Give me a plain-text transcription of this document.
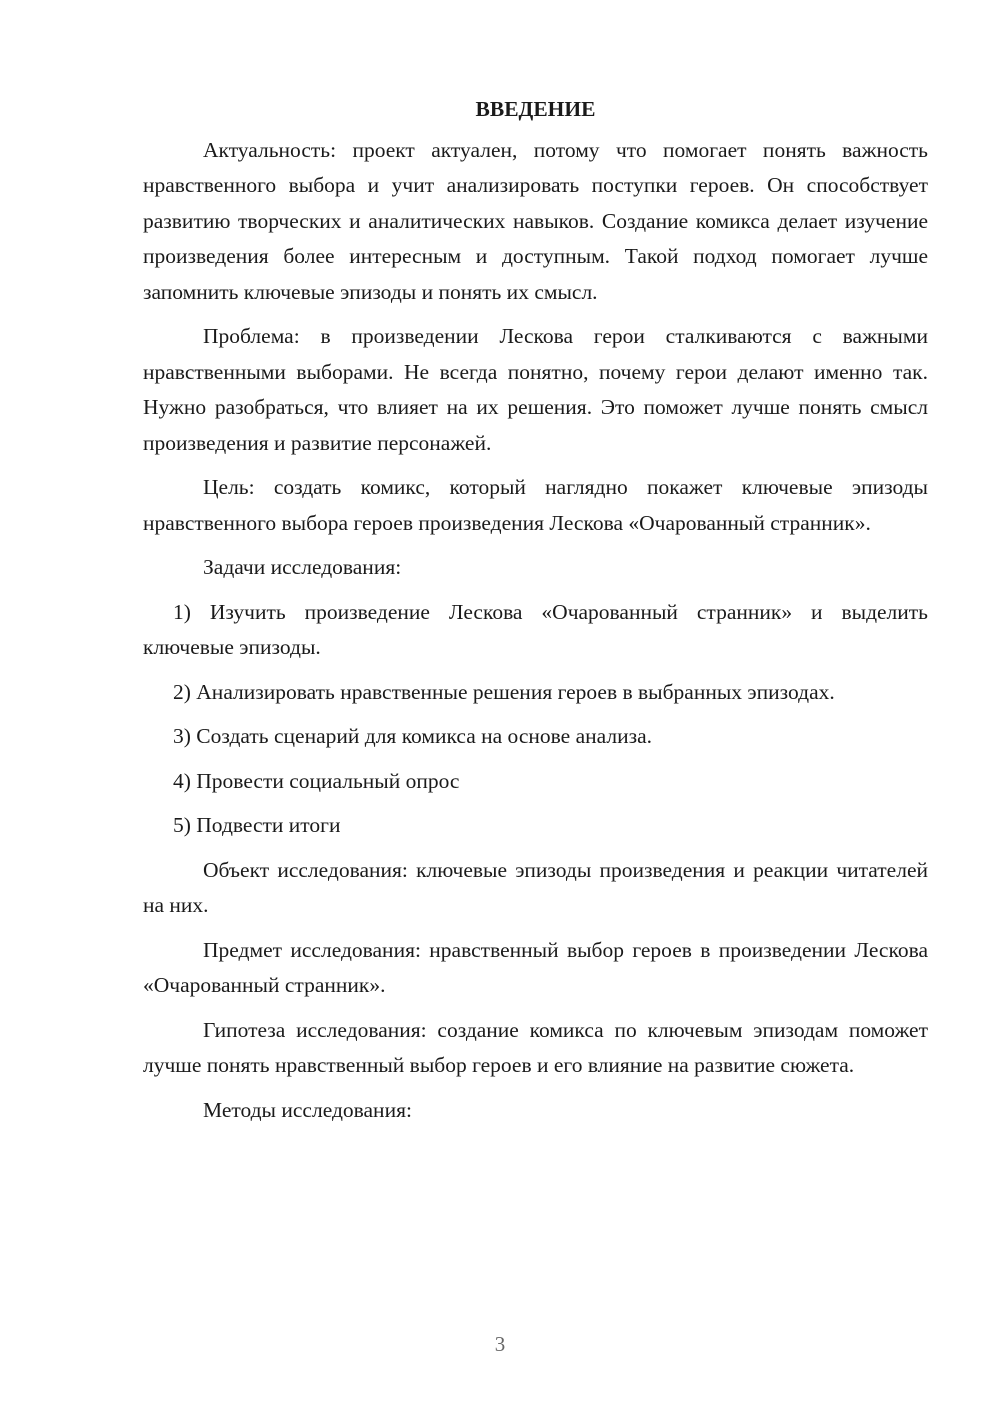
ВВЕДЕНИЕ

Актуальность: проект актуален, потому что помогает понять важность нравственного выбора и учит анализировать поступки героев. Он способствует развитию творческих и аналитических навыков. Создание комикса делает изучение произведения более интересным и доступным. Такой подход помогает лучше запомнить ключевые эпизоды и понять их смысл.

Проблема: в произведении Лескова герои сталкиваются с важными нравственными выборами. Не всегда понятно, почему герои делают именно так. Нужно разобраться, что влияет на их решения. Это поможет лучше понять смысл произведения и развитие персонажей.

Цель: создать комикс, который наглядно покажет ключевые эпизоды нравственного выбора героев произведения Лескова «Очарованный странник».

Задачи исследования:

1) Изучить произведение Лескова «Очарованный странник» и выделить ключевые эпизоды.

2) Анализировать нравственные решения героев в выбранных эпизодах.

3) Создать сценарий для комикса на основе анализа.

4) Провести социальный опрос

5) Подвести итоги

Объект исследования: ключевые эпизоды произведения и реакции читателей на них.

Предмет исследования: нравственный выбор героев в произведении Лескова «Очарованный странник».

Гипотеза исследования: создание комикса по ключевым эпизодам поможет лучше понять нравственный выбор героев и его влияние на развитие сюжета.

Методы исследования:

3
